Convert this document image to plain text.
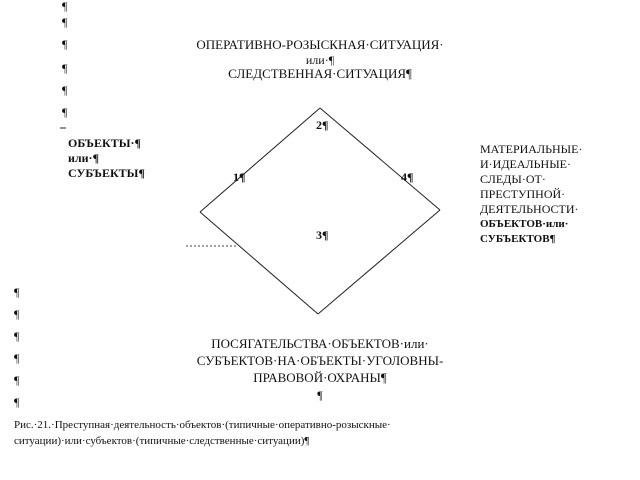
¶
¶
¶
¶
¶
¶
ОПЕРАТИВНО-РОЗЫСКНАЯ·СИТУАЦИЯ·
или·¶
СЛЕДСТВЕННАЯ·СИТУАЦИЯ¶
ОБЪЕКТЫ·¶
или·¶
СУБЪЕКТЫ¶
2¶
1¶	4¶
3¶
МАТЕРИАЛЬНЫЕ·
И·ИДЕАЛЬНЫЕ·
СЛЕДЫ·ОТ·
ПРЕСТУПНОЙ·
ДЕЯТЕЛЬНОСТИ·
ОБЪЕКТОВ·или·
СУБЪЕКТОВ¶
¶
¶
¶
¶
¶
¶
ПОСЯГАТЕЛЬСТВА·ОБЪЕКТОВ·или·
СУБЪЕКТОВ·НА·ОБЪЕКТЫ·УГОЛОВНЫ-
ПРАВОВОЙ·ОХРАНЫ¶
¶
Рис.·21.·Преступная·деятельность·объектов·(типичные·оперативно-розыскные·
ситуации)·или·субъектов·(типичные·следственные·ситуации)¶
